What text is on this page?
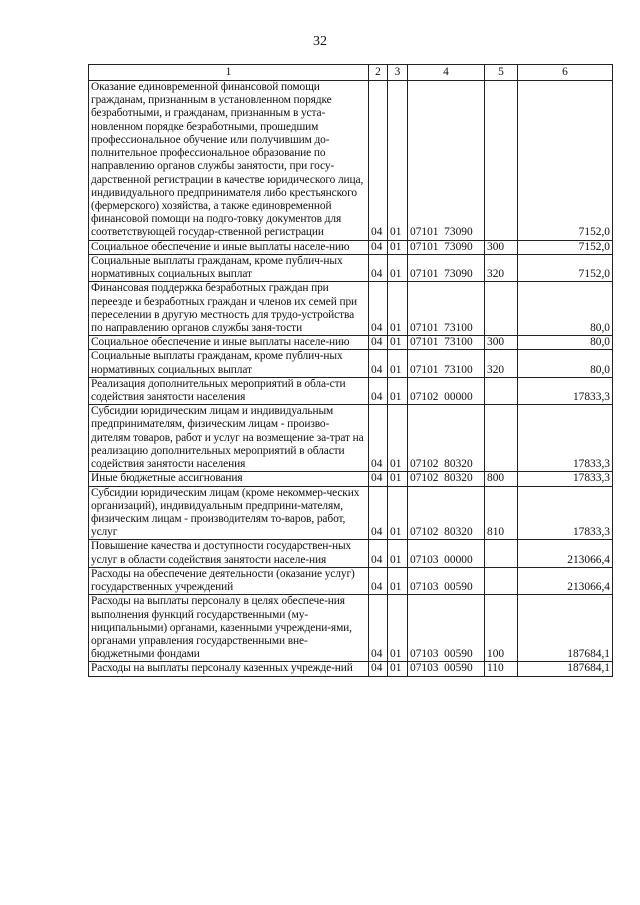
32
1	2	3	4	5	6
Оказание единовременной финансовой помощи гражданам, признанным в установленном порядке безработными, и гражданам, признанным в уста-новленном порядке безработными, прошедшим профессиональное обучение или получившим до-полнительное профессиональное образование по направлению органов службы занятости, при госу-дарственной регистрации в качестве юридического лица, индивидуального предпринимателя либо крестьянского (фермерского) хозяйства, а также единовременной финансовой помощи на подго-товку документов для соответствующей государ-ственной регистрации	04	01	07101  73090		7152,0
Социальное обеспечение и иные выплаты населе-нию	04	01	07101  73090	300	7152,0
Социальные выплаты гражданам, кроме публич-ных нормативных социальных выплат	04	01	07101  73090	320	7152,0
Финансовая поддержка безработных граждан при переезде и безработных граждан и членов их семей при переселении в другую местность для трудо-устройства по направлению органов службы заня-тости	04	01	07101  73100		80,0
Социальное обеспечение и иные выплаты населе-нию	04	01	07101  73100	300	80,0
Социальные выплаты гражданам, кроме публич-ных нормативных социальных выплат	04	01	07101  73100	320	80,0
Реализация дополнительных мероприятий в обла-сти содействия занятости населения	04	01	07102  00000		17833,3
Субсидии юридическим лицам и индивидуальным предпринимателям, физическим лицам - произво-дителям товаров, работ и услуг на возмещение за-трат на реализацию дополнительных мероприятий в области содействия занятости населения	04	01	07102  80320		17833,3
Иные бюджетные ассигнования	04	01	07102  80320	800	17833,3
Субсидии юридическим лицам (кроме некоммер-ческих организаций), индивидуальным предприни-мателям, физическим лицам - производителям то-варов, работ, услуг	04	01	07102  80320	810	17833,3
Повышение качества и доступности государствен-ных услуг в области содействия занятости населе-ния	04	01	07103  00000		213066,4
Расходы на обеспечение деятельности (оказание услуг) государственных учреждений	04	01	07103  00590		213066,4
Расходы на выплаты персоналу в целях обеспече-ния выполнения функций государственными (му-ниципальными) органами, казенными учреждени-ями, органами управления государственными вне-бюджетными фондами	04	01	07103  00590	100	187684,1
Расходы на выплаты персоналу казенных учрежде-ний	04	01	07103  00590	110	187684,1
